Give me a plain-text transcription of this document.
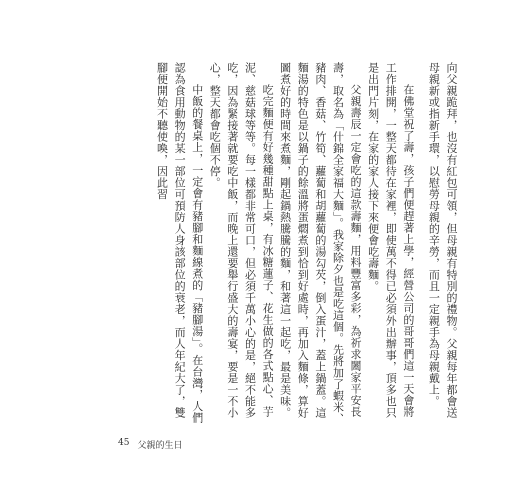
向父親跪拜，也沒有紅包可領，但母親有特別的禮物。父親每年都會送母親新或指新手環，以慰勞母親的辛勞，而且一定親手為母親戴上。

在佛堂祝了壽，孩子們便趕著上學，經營公司的哥哥們這一天會將工作排開，一整天都待在家裡，即使萬不得已必須外出辦事，頂多也只是出門片刻，在家的家人接下來便會吃壽麵。

父親壽辰一定會吃的這款壽麵，用料豐富多彩，為祈求闔家平安長壽，取名為「什錦全家福大麵」。我家除夕也是吃這個。先將加了蝦米、豬肉、香菇、竹筍、蘿蔔和胡蘿蔔的湯勾芡，倒入蛋汁，蓋上鍋蓋。這麵湯的特色是以鍋子的餘溫將蛋燜煮到恰到好處時，再加入麵條，算好圖煮好的時間來煮麵，剛起鍋熱騰騰的麵，和著這一起吃，最是美味。

吃完麵便有好幾種甜點上桌，有冰糖蓮子、花生做的各式點心、芋泥、慈菇球等等。每一樣都非常可口，但必須千萬小心的是，絕不能多吃，因為緊接著就要吃中飯，而晚上還要舉行盛大的壽宴，要是一不小心，整天都會吃個不停。

中飯的餐桌上，一定會有豬腳和麵線煮的「豬腳湯」。在台灣，人們認為食用動物的某一部位可預防人身該部位的衰老，而人年紀大了，雙腳便開始不聽使喚，因此習

45 父親的生日
